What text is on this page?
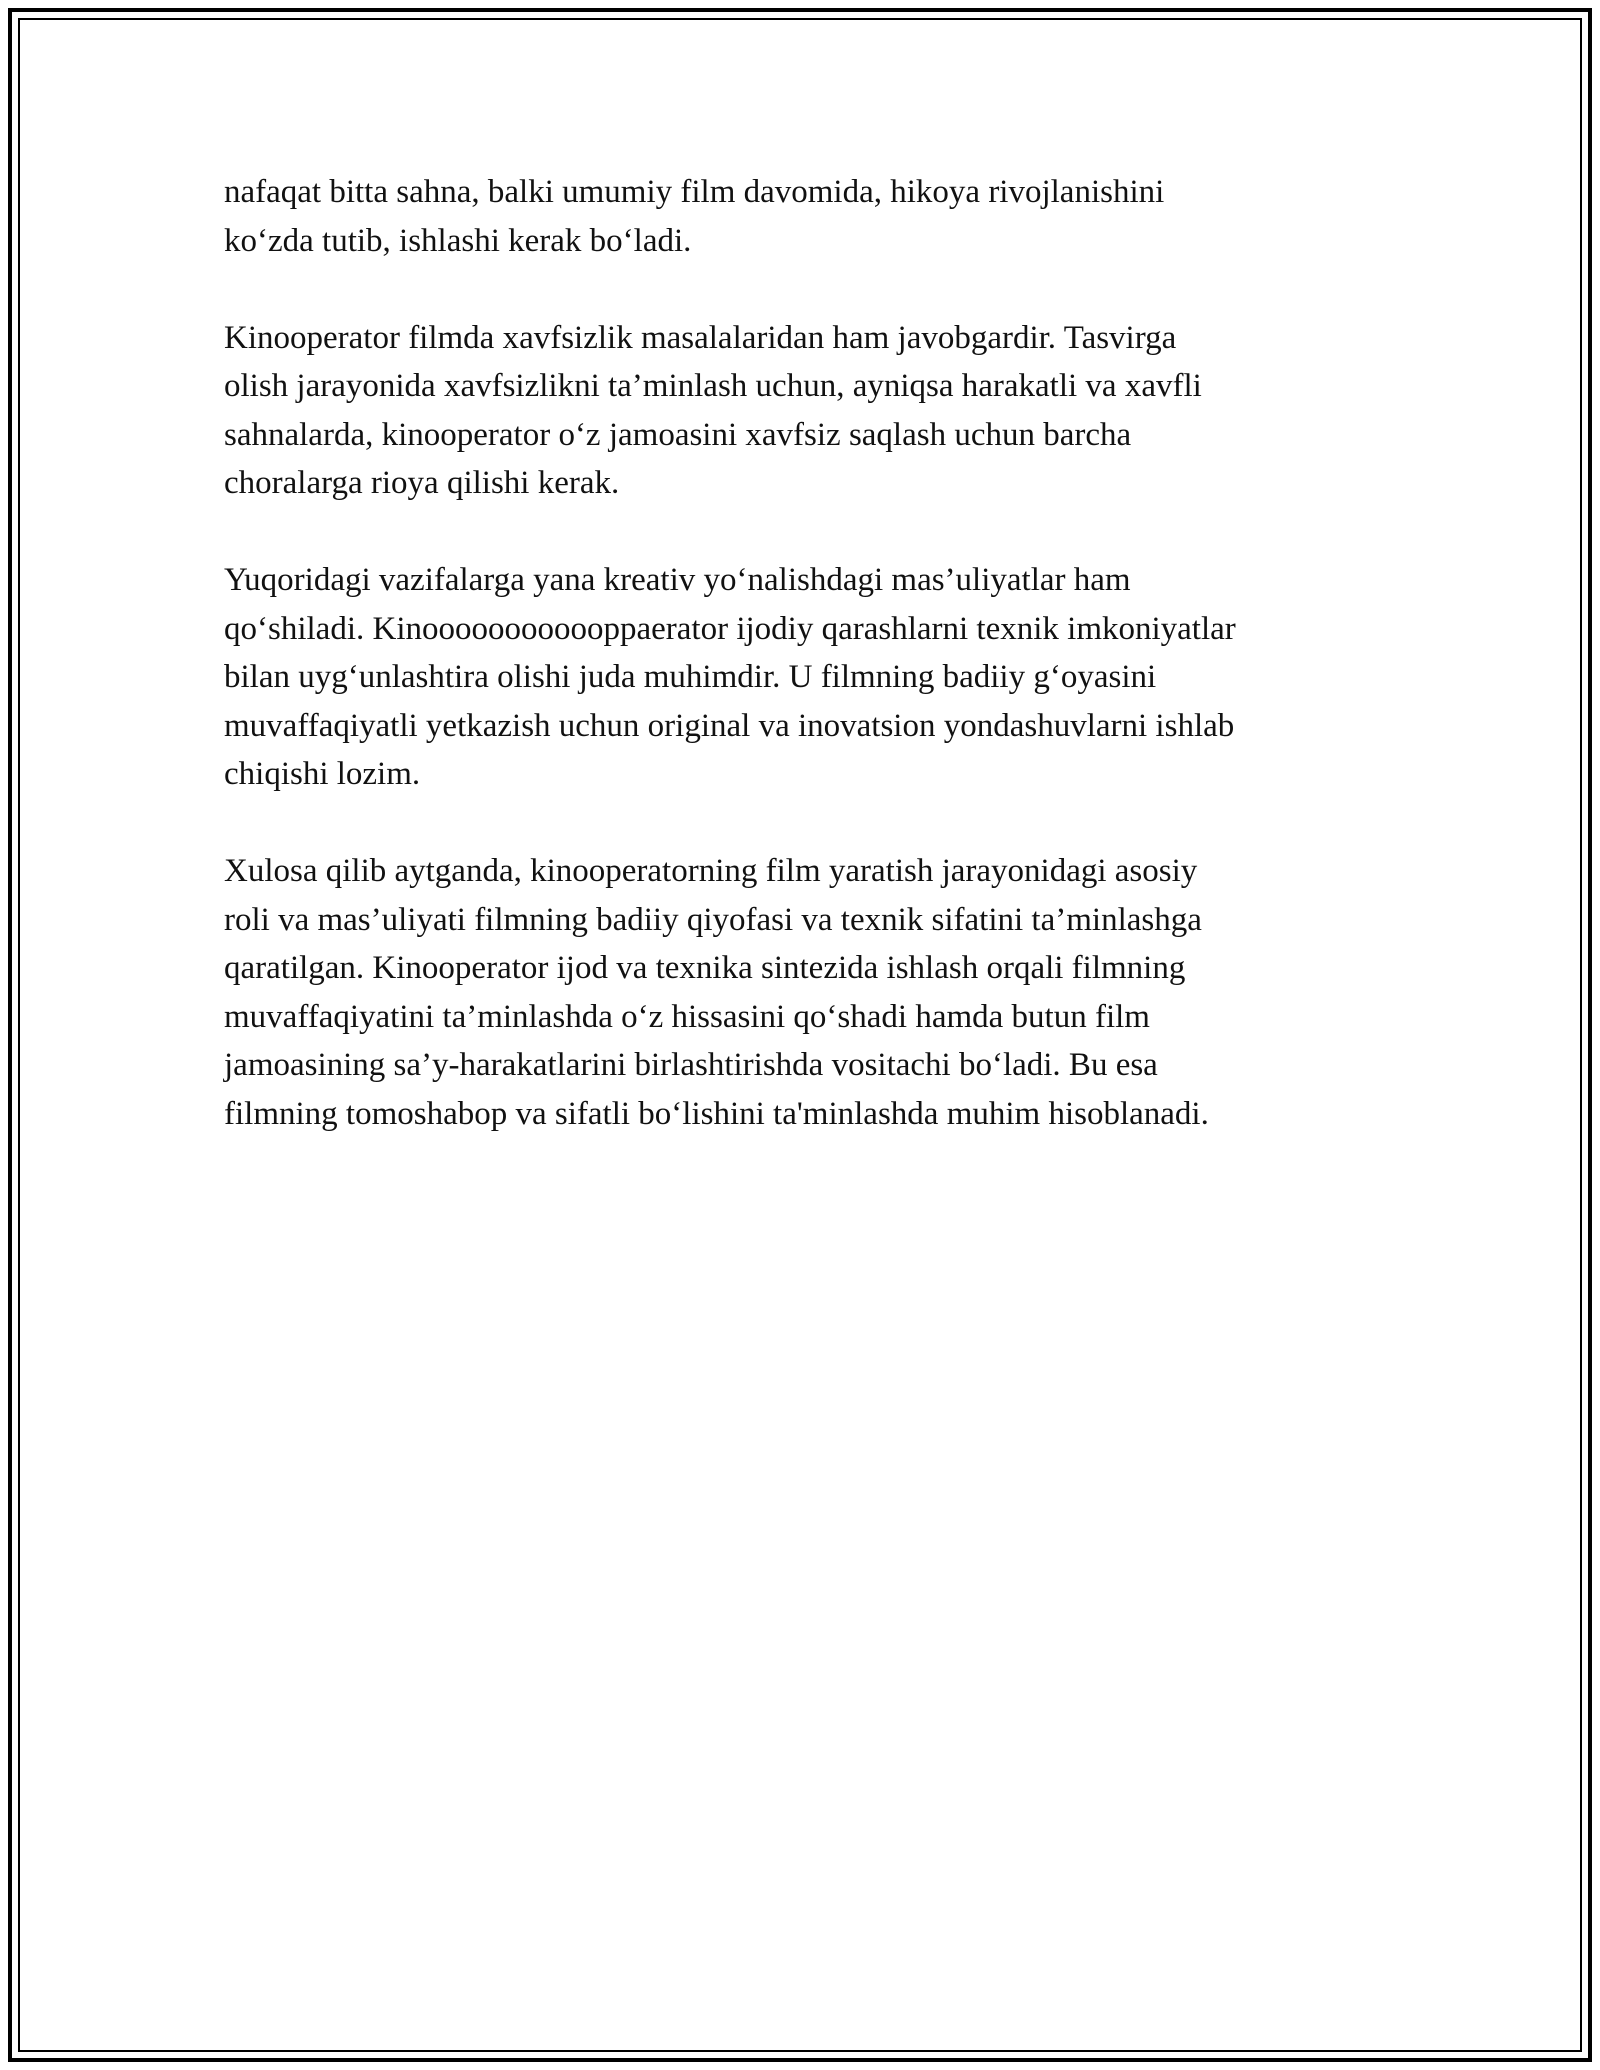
nafaqat bitta sahna, balki umumiy film davomida, hikoya rivojlanishini
ko‘zda tutib, ishlashi kerak bo‘ladi.
Kinooperator filmda xavfsizlik masalalaridan ham javobgardir. Tasvirga
olish jarayonida xavfsizlikni ta’minlash uchun, ayniqsa harakatli va xavfli
sahnalarda, kinooperator o‘z jamoasini xavfsiz saqlash uchun barcha
choralarga rioya qilishi kerak.
Yuqoridagi vazifalarga yana kreativ yo‘nalishdagi mas’uliyatlar ham
qo‘shiladi. Kinoooooooooooppaerator ijodiy qarashlarni texnik imkoniyatlar
bilan uyg‘unlashtira olishi juda muhimdir. U filmning badiiy g‘oyasini
muvaffaqiyatli yetkazish uchun original va inovatsion yondashuvlarni ishlab
chiqishi lozim.
Xulosa qilib aytganda, kinooperatorning film yaratish jarayonidagi asosiy
roli va mas’uliyati filmning badiiy qiyofasi va texnik sifatini ta’minlashga
qaratilgan. Kinooperator ijod va texnika sintezida ishlash orqali filmning
muvaffaqiyatini ta’minlashda o‘z hissasini qo‘shadi hamda butun film
jamoasining sa’y-harakatlarini birlashtirishda vositachi bo‘ladi. Bu esa
filmning tomoshabop va sifatli bo‘lishini ta'minlashda muhim hisoblanadi.
